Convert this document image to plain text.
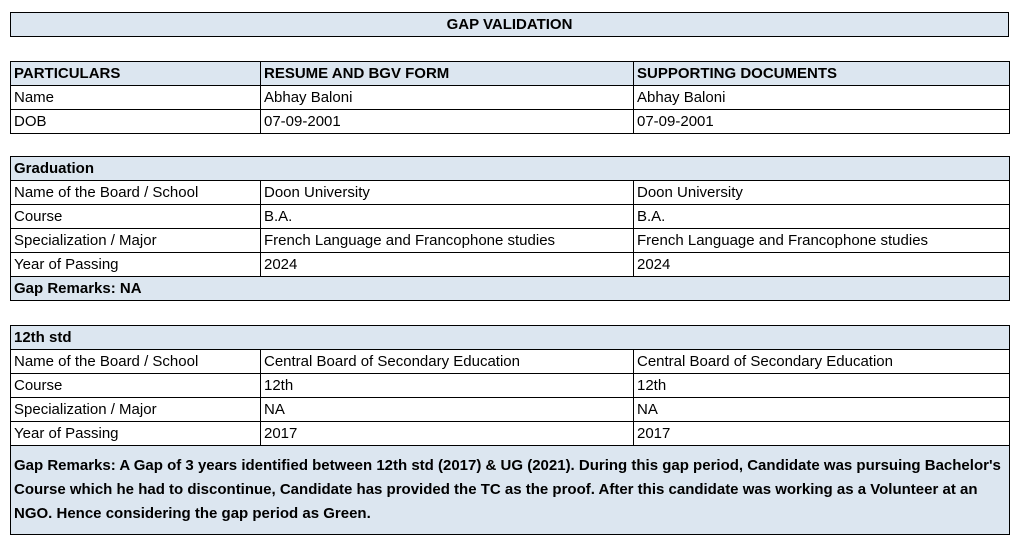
GAP VALIDATION
PARTICULARS	RESUME AND BGV FORM	SUPPORTING DOCUMENTS
Name	Abhay Baloni	Abhay Baloni
DOB	07-09-2001	07-09-2001
Graduation		
Name of the Board / School	Doon University	Doon University
Course	B.A.	B.A.
Specialization / Major	French Language and Francophone studies	French Language and Francophone studies
Year of Passing	2024	2024
Gap Remarks: NA		
12th std		
Name of the Board / School	Central Board of Secondary Education	Central Board of Secondary Education
Course	12th	12th
Specialization / Major	NA	NA
Year of Passing	2017	2017
Gap Remarks: A Gap of 3 years identified between 12th std (2017) & UG (2021). During this gap period, Candidate was pursuing Bachelor's Course which he had to discontinue, Candidate has provided the TC as the proof. After this candidate was working as a Volunteer at an NGO. Hence considering the gap period as Green.		
